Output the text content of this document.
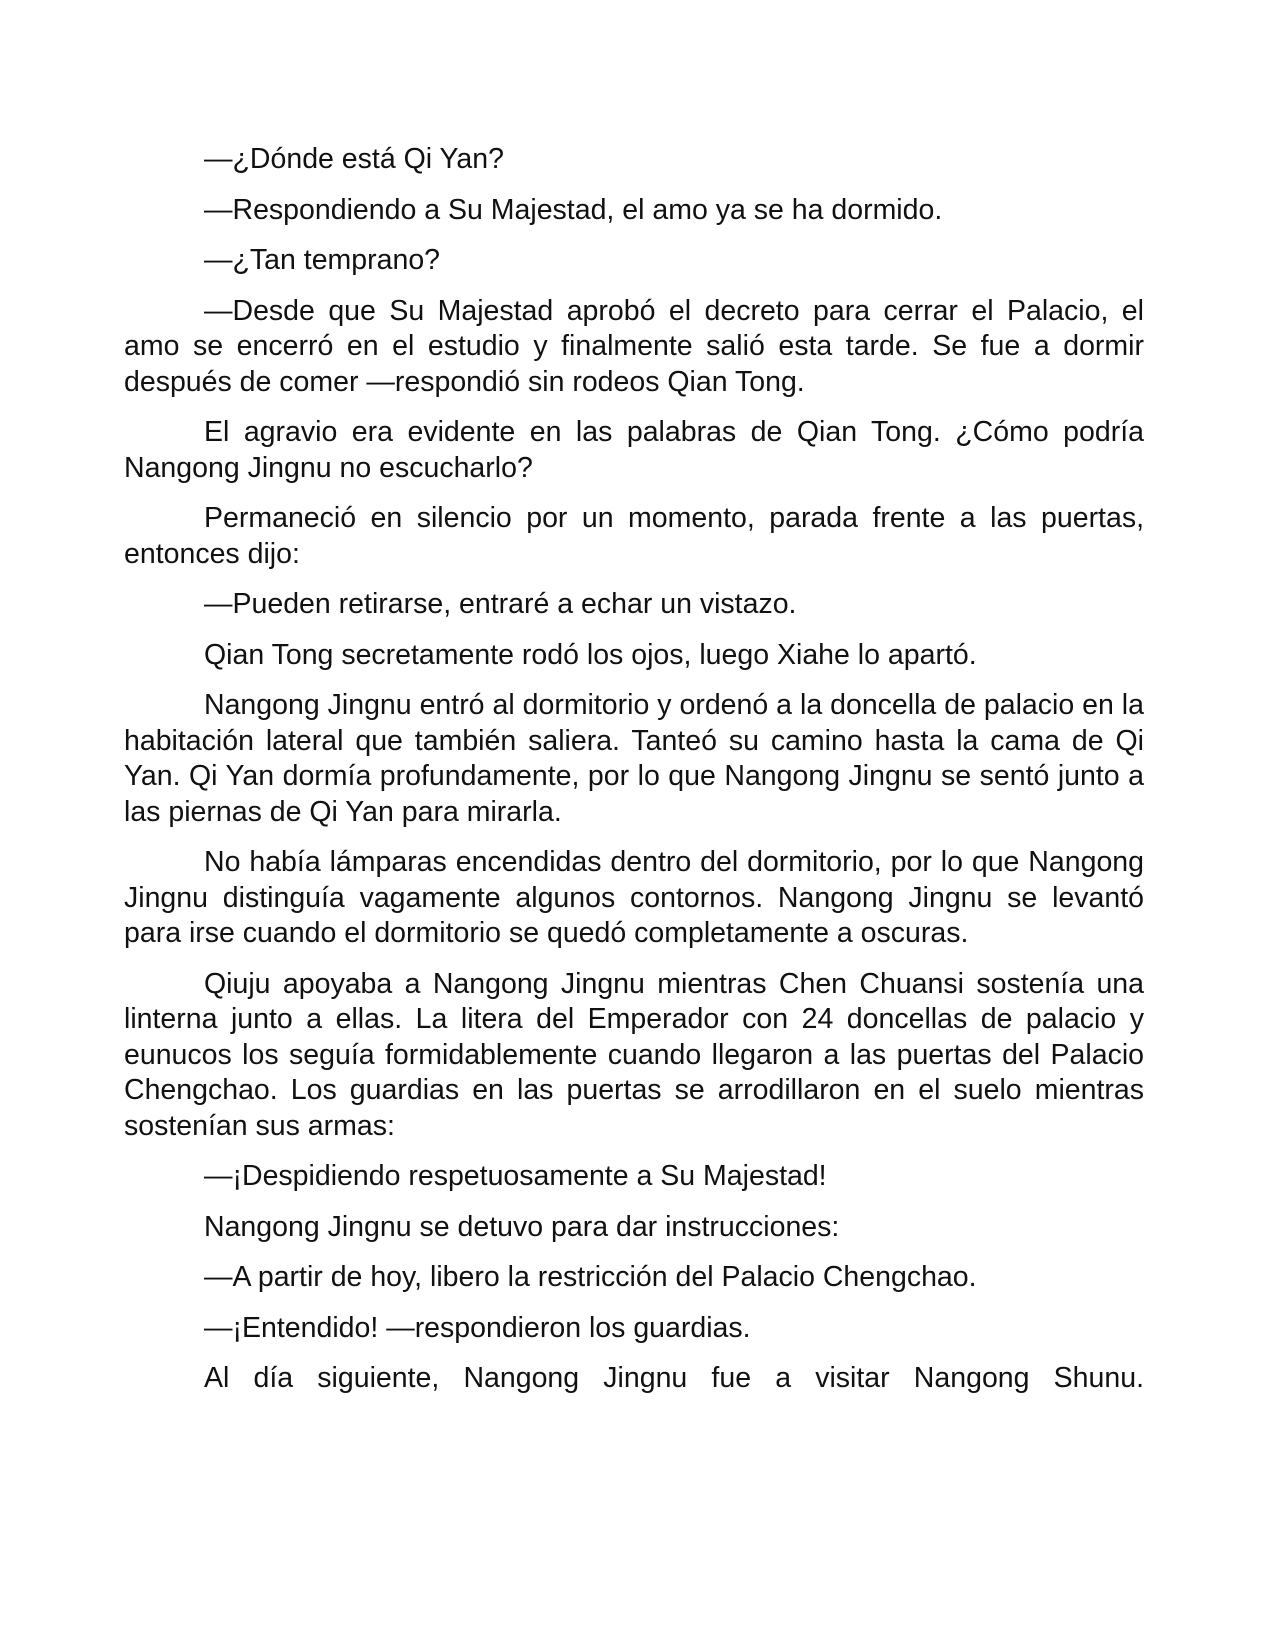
—¿Dónde está Qi Yan?

—Respondiendo a Su Majestad, el amo ya se ha dormido.

—¿Tan temprano?

—Desde que Su Majestad aprobó el decreto para cerrar el Palacio, el amo se encerró en el estudio y finalmente salió esta tarde. Se fue a dormir después de comer —respondió sin rodeos Qian Tong.

El agravio era evidente en las palabras de Qian Tong. ¿Cómo podría Nangong Jingnu no escucharlo?

Permaneció en silencio por un momento, parada frente a las puertas, entonces dijo:

—Pueden retirarse, entraré a echar un vistazo.

Qian Tong secretamente rodó los ojos, luego Xiahe lo apartó.

Nangong Jingnu entró al dormitorio y ordenó a la doncella de palacio en la habitación lateral que también saliera. Tanteó su camino hasta la cama de Qi Yan. Qi Yan dormía profundamente, por lo que Nangong Jingnu se sentó junto a las piernas de Qi Yan para mirarla.

No había lámparas encendidas dentro del dormitorio, por lo que Nangong Jingnu distinguía vagamente algunos contornos. Nangong Jingnu se levantó para irse cuando el dormitorio se quedó completamente a oscuras.

Qiuju apoyaba a Nangong Jingnu mientras Chen Chuansi sostenía una linterna junto a ellas. La litera del Emperador con 24 doncellas de palacio y eunucos los seguía formidablemente cuando llegaron a las puertas del Palacio Chengchao. Los guardias en las puertas se arrodillaron en el suelo mientras sostenían sus armas:

—¡Despidiendo respetuosamente a Su Majestad!

Nangong Jingnu se detuvo para dar instrucciones:

—A partir de hoy, libero la restricción del Palacio Chengchao.

—¡Entendido! —respondieron los guardias.

Al día siguiente, Nangong Jingnu fue a visitar Nangong Shunu.
